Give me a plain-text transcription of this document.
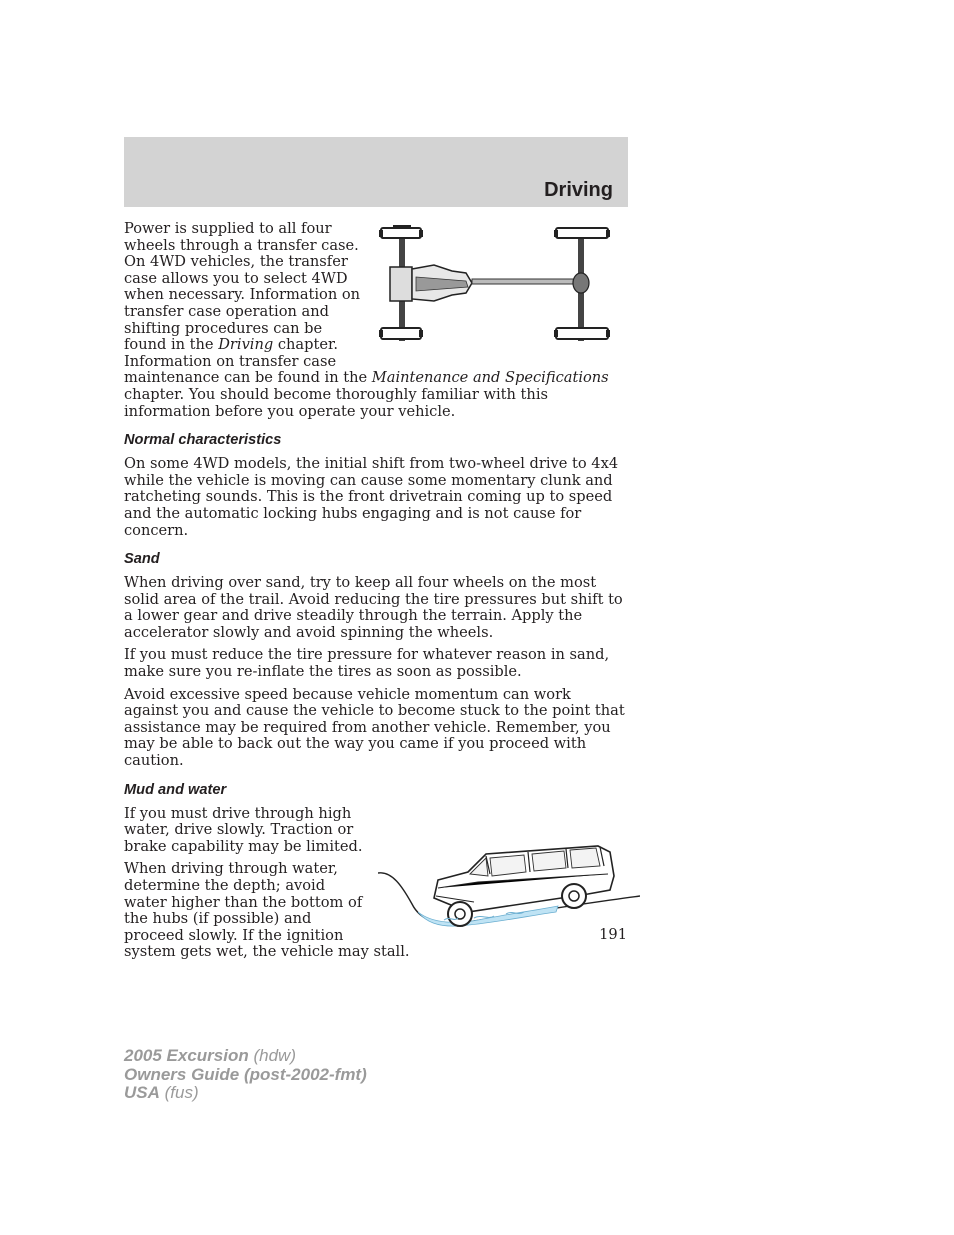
Driving

Power is supplied to all four wheels through a transfer case. On 4WD vehicles, the transfer case allows you to select 4WD when necessary. Information on transfer case operation and shifting procedures can be found in the Driving chapter. Information on transfer case maintenance can be found in the Maintenance and Specifications chapter. You should become thoroughly familiar with this information before you operate your vehicle.

Normal characteristics

On some 4WD models, the initial shift from two-wheel drive to 4x4 while the vehicle is moving can cause some momentary clunk and ratcheting sounds. This is the front drivetrain coming up to speed and the automatic locking hubs engaging and is not cause for concern.

Sand

When driving over sand, try to keep all four wheels on the most solid area of the trail. Avoid reducing the tire pressures but shift to a lower gear and drive steadily through the terrain. Apply the accelerator slowly and avoid spinning the wheels.

If you must reduce the tire pressure for whatever reason in sand, make sure you re-inflate the tires as soon as possible.

Avoid excessive speed because vehicle momentum can work against you and cause the vehicle to become stuck to the point that assistance may be required from another vehicle. Remember, you may be able to back out the way you came if you proceed with caution.

Mud and water

If you must drive through high water, drive slowly. Traction or brake capability may be limited.

When driving through water, determine the depth; avoid water higher than the bottom of the hubs (if possible) and proceed slowly. If the ignition system gets wet, the vehicle may stall.

191
2005 Excursion (hdw)
Owners Guide (post-2002-fmt)
USA (fus)
